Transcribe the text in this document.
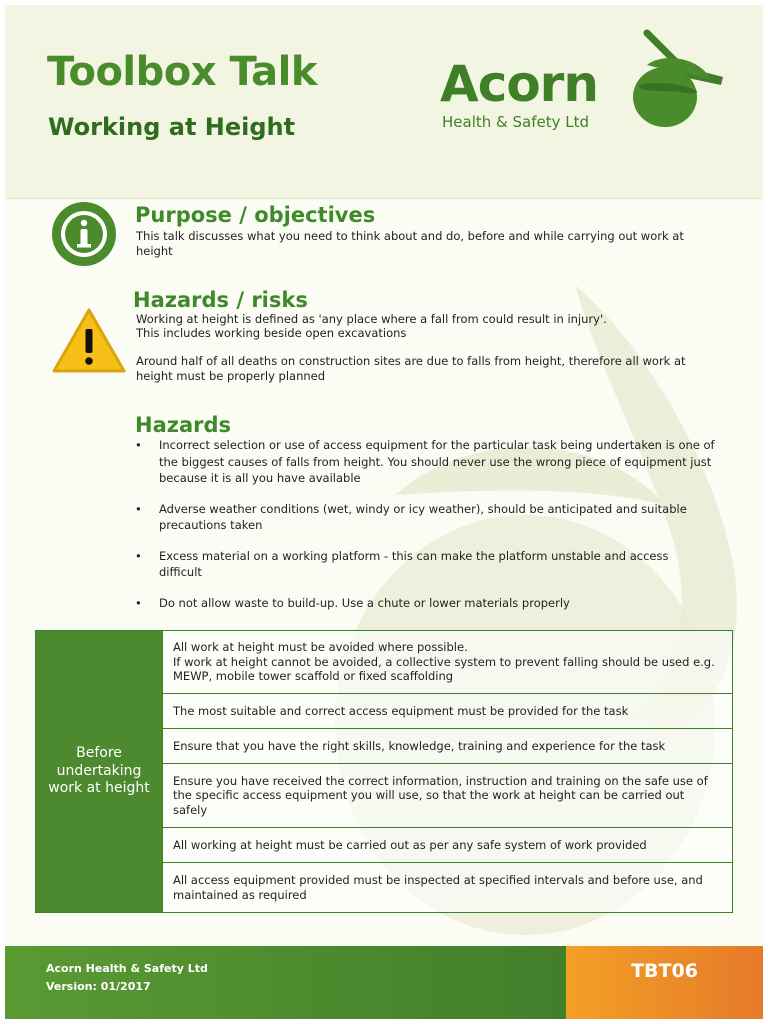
Toolbox Talk
Working at Height
Acorn
Health & Safety Ltd
Purpose / objectives

This talk discusses what you need to think about and do, before and while carrying out work at height

Hazards / risks

Working at height is defined as 'any place where a fall from could result in injury'.

This includes working beside open excavations

Around half of all deaths on construction sites are due to falls from height, therefore all work at height must be properly planned

Hazards
• Incorrect selection or use of access equipment for the particular task being undertaken is one of the biggest causes of falls from height. You should never use the wrong piece of equipment just because it is all you have available
• Adverse weather conditions (wet, windy or icy weather), should be anticipated and suitable precautions taken
• Excess material on a working platform - this can make the platform unstable and access difficult
• Do not allow waste to build-up. Use a chute or lower materials properly
Before undertaking work at height
All work at height must be avoided where possible.
If work at height cannot be avoided, a collective system to prevent falling should be used e.g. MEWP, mobile tower scaffold or fixed scaffolding
The most suitable and correct access equipment must be provided for the task
Ensure that you have the right skills, knowledge, training and experience for the task
Ensure you have received the correct information, instruction and training on the safe use of the specific access equipment you will use, so that the work at height can be carried out safely
All working at height must be carried out as per any safe system of work provided
All access equipment provided must be inspected at specified intervals and before use, and maintained as required

Acorn Health & Safety Ltd

Version: 01/2017

TBT06
